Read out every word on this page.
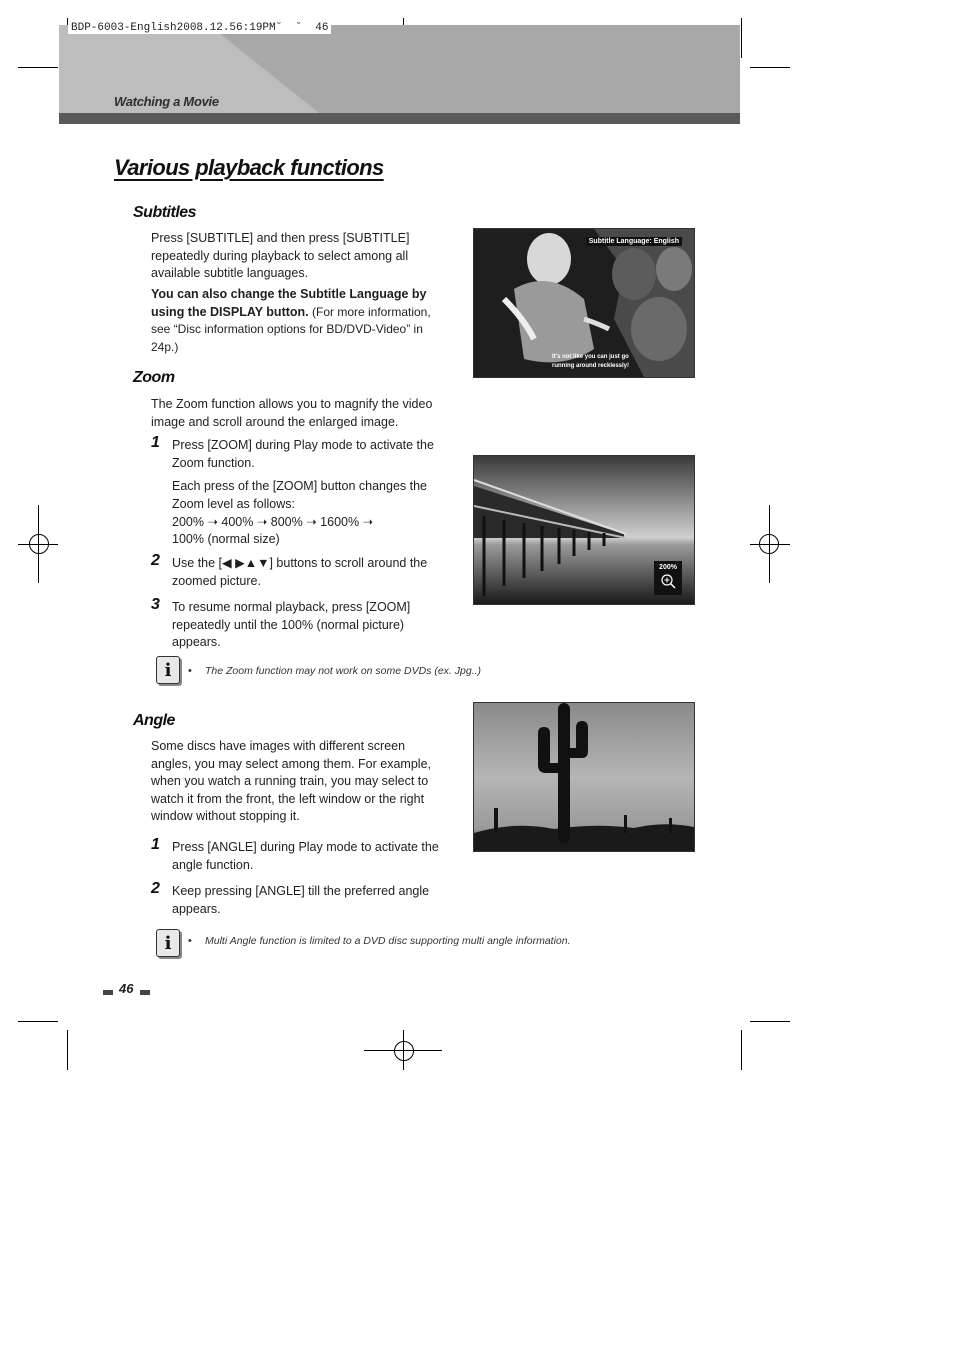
BDP-6003-English2008.12.56:19PM˘  ˘  46
Watching a Movie
Various playback functions
Subtitles
Press [SUBTITLE] and then press [SUBTITLE] repeatedly during playback to select among all available subtitle languages.
You can also change the Subtitle Language by using the DISPLAY button. (For more information, see “Disc information options for BD/DVD-Video” in 24p.)
Subtitle Language: English
It's not like you can just go
running around recklessly!
Zoom
The Zoom function allows you to magnify the video image and scroll around the enlarged image.
1 Press [ZOOM] during Play mode to activate the Zoom function.
Each press of the [ZOOM] button changes the Zoom level as follows:
200% ➝ 400% ➝ 800% ➝ 1600% ➝
100% (normal size)
2 Use the [◀ ▶▲▼] buttons to scroll around the zoomed picture.
3 To resume normal playback, press [ZOOM] repeatedly until the 100% (normal picture) appears.
i	• The Zoom function may not work on some DVDs (ex. Jpg..)
200%
Angle
Some discs have images with different screen angles, you may select among them. For example, when you watch a running train, you may select to watch it from the front, the left window or the right window without stopping it.
1 Press [ANGLE] during Play mode to activate the angle function.
2 Keep pressing [ANGLE] till the preferred angle appears.
i	• Multi Angle function is limited to a DVD disc supporting multi angle information.
46
